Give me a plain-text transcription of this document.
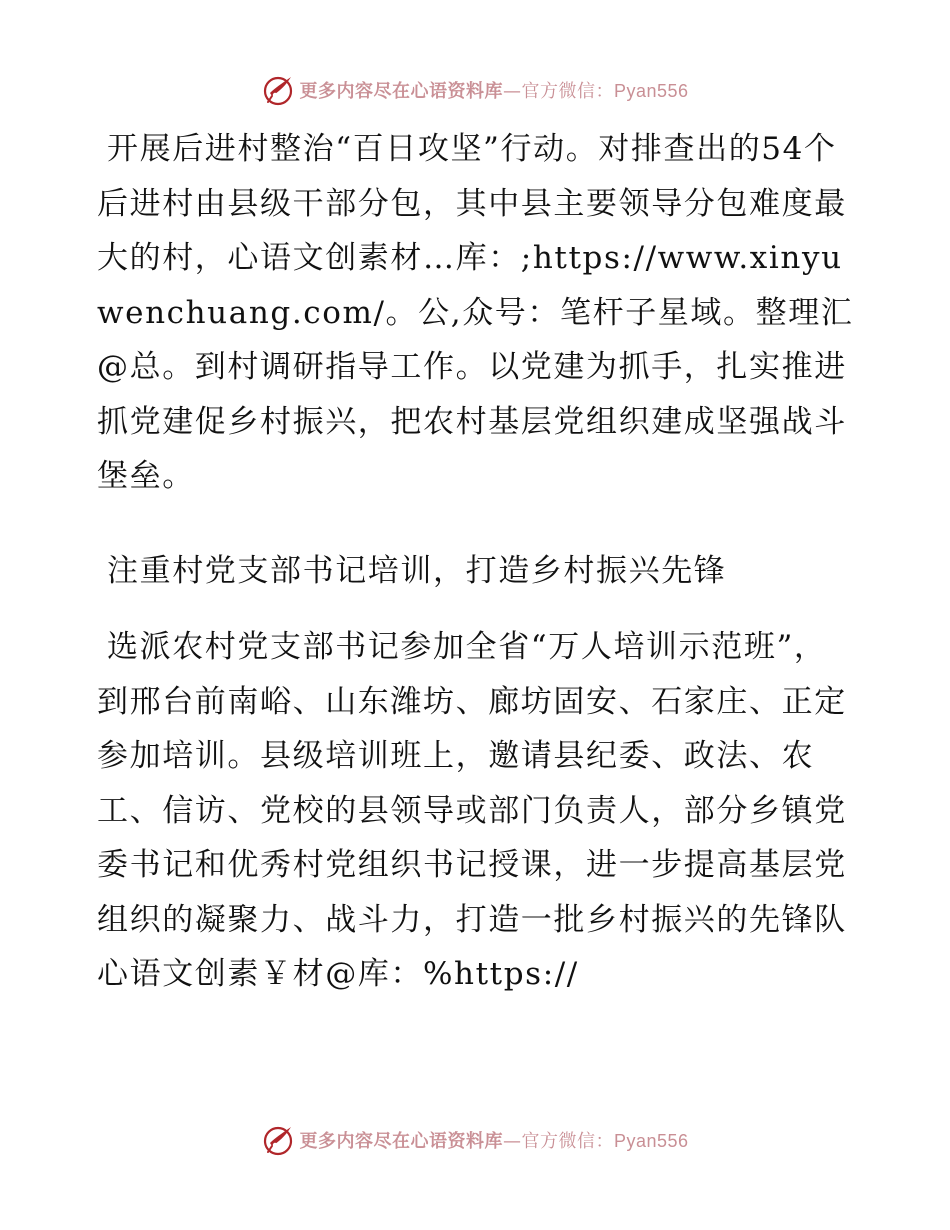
更多内容尽在心语资料库—官方微信：Pyan556

开展后进村整治“百日攻坚”行动。对排查出的54个后进村由县级干部分包，其中县主要领导分包难度最大的村，心语文创素材…库：;https://www.xinyuwenchuang.com/。公,众号：笔杆子星域。整理汇@总。到村调研指导工作。以党建为抓手，扎实推进抓党建促乡村振兴，把农村基层党组织建成坚强战斗堡垒。

注重村党支部书记培训，打造乡村振兴先锋

选派农村党支部书记参加全省“万人培训示范班”，到邢台前南峪、山东潍坊、廊坊固安、石家庄、正定参加培训。县级培训班上，邀请县纪委、政法、农工、信访、党校的县领导或部门负责人，部分乡镇党委书记和优秀村党组织书记授课，进一步提高基层党组织的凝聚力、战斗力，打造一批乡村振兴的先锋队心语文创素￥材@库：%https://

更多内容尽在心语资料库—官方微信：Pyan556
